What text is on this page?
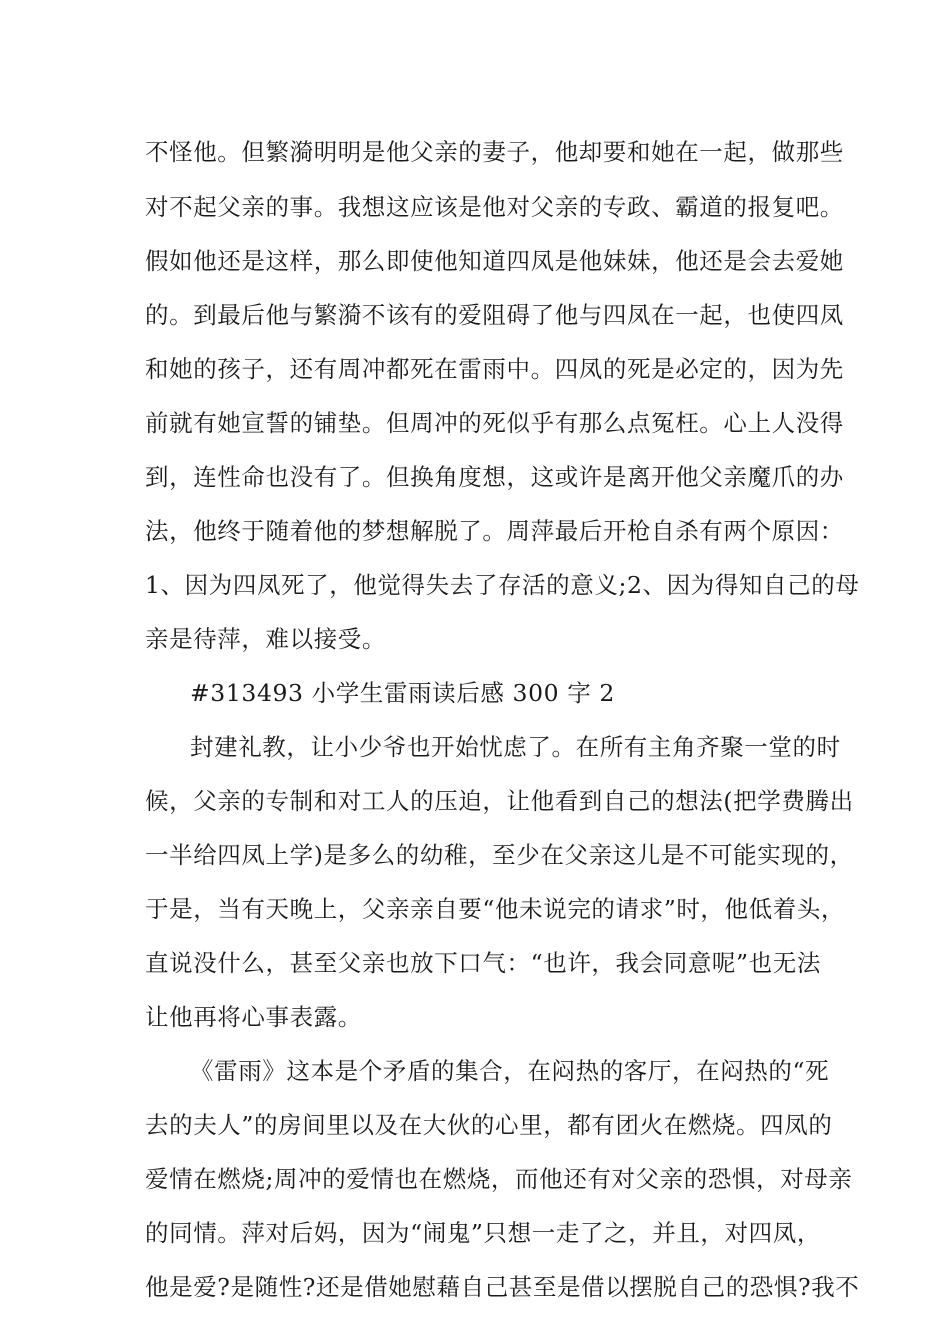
不怪他。但繁漪明明是他父亲的妻子，他却要和她在一起，做那些
对不起父亲的事。我想这应该是他对父亲的专政、霸道的报复吧。
假如他还是这样，那么即使他知道四凤是他妹妹，他还是会去爱她
的。到最后他与繁漪不该有的爱阻碍了他与四凤在一起，也使四凤
和她的孩子，还有周冲都死在雷雨中。四凤的死是必定的，因为先
前就有她宣誓的铺垫。但周冲的死似乎有那么点冤枉。心上人没得
到，连性命也没有了。但换角度想，这或许是离开他父亲魔爪的办
法，他终于随着他的梦想解脱了。周萍最后开枪自杀有两个原因：
1、因为四凤死了，他觉得失去了存活的意义;2、因为得知自己的母
亲是待萍，难以接受。
#313493 小学生雷雨读后感 300 字 2
封建礼教，让小少爷也开始忧虑了。在所有主角齐聚一堂的时
候，父亲的专制和对工人的压迫，让他看到自己的想法(把学费腾出
一半给四凤上学)是多么的幼稚，至少在父亲这儿是不可能实现的，
于是，当有天晚上，父亲亲自要“他未说完的请求”时，他低着头，
直说没什么，甚至父亲也放下口气：“也许，我会同意呢”也无法
让他再将心事表露。
《雷雨》这本是个矛盾的集合，在闷热的客厅，在闷热的“死
去的夫人”的房间里以及在大伙的心里，都有团火在燃烧。四凤的
爱情在燃烧;周冲的爱情也在燃烧，而他还有对父亲的恐惧，对母亲
的同情。萍对后妈，因为“闹鬼”只想一走了之，并且，对四凤，
他是爱?是随性?还是借她慰藉自己甚至是借以摆脱自己的恐惧?我不
